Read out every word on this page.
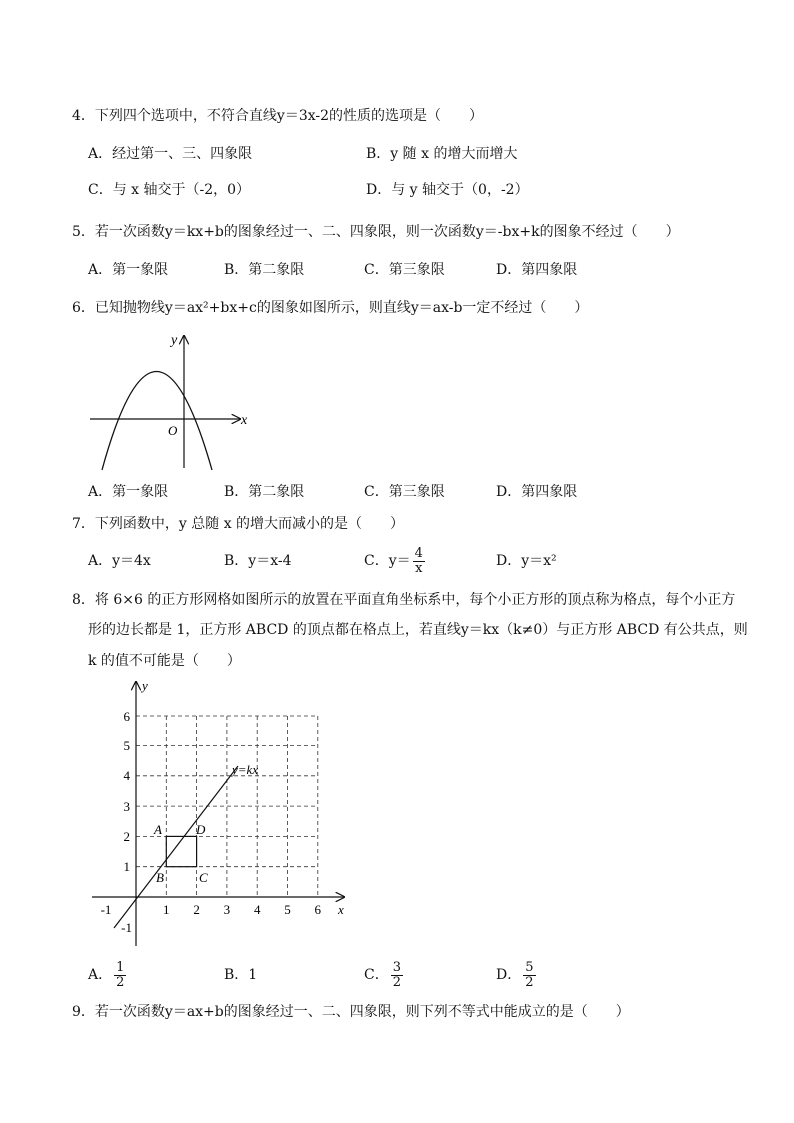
4．下列四个选项中，不符合直线y＝3x-2的性质的选项是（　　）
A．经过第一、三、四象限	B．y 随 x 的增大而增大
C．与 x 轴交于（-2，0）	D．与 y 轴交于（0，-2）
5．若一次函数y＝kx+b的图象经过一、二、四象限，则一次函数y＝-bx+k的图象不经过（　　）
A．第一象限	B．第二象限	C．第三象限	D．第四象限
6．已知抛物线y＝ax²+bx+c的图象如图所示，则直线y＝ax-b一定不经过（　　）
x
y
O
A．第一象限	B．第二象限	C．第三象限	D．第四象限
7．下列函数中，y 总随 x 的增大而减小的是（　　）
A．y＝4x	B．y＝x-4	C．$y= \frac{4}{x}$	D．y＝x²
8．将 6×6 的正方形网格如图所示的放置在平面直角坐标系中，每个小正方形的顶点称为格点，每个小正方
形的边长都是 1，正方形 ABCD 的顶点都在格点上，若直线y＝kx（k≠0）与正方形 ABCD 有公共点，则
k 的值不可能是（　　）
y=kx
x
y
A	D
B	C
-1	1 2 3 4 5 6
-1
1
2
3
4
5
6
A． $\frac{1}{2}$	B．1	C． $\frac{3}{2}$	D． $\frac{5}{2}$
9．若一次函数y＝ax+b的图象经过一、二、四象限，则下列不等式中能成立的是（　　）
